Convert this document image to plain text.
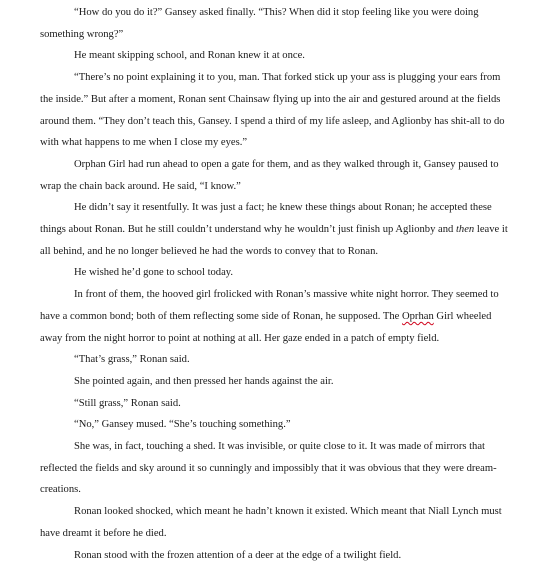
“How do you do it?” Gansey asked finally. “This? When did it stop feeling like you were doing something wrong?”

He meant skipping school, and Ronan knew it at once.

“There’s no point explaining it to you, man. That forked stick up your ass is plugging your ears from the inside.” But after a moment, Ronan sent Chainsaw flying up into the air and gestured around at the fields around them. “They don’t teach this, Gansey. I spend a third of my life asleep, and Aglionby has shit-all to do with what happens to me when I close my eyes.”

Orphan Girl had run ahead to open a gate for them, and as they walked through it, Gansey paused to wrap the chain back around. He said, “I know.”

He didn’t say it resentfully. It was just a fact; he knew these things about Ronan; he accepted these things about Ronan. But he still couldn’t understand why he wouldn’t just finish up Aglionby and then leave it all behind, and he no longer believed he had the words to convey that to Ronan.

He wished he’d gone to school today.

In front of them, the hooved girl frolicked with Ronan’s massive white night horror. They seemed to have a common bond; both of them reflecting some side of Ronan, he supposed. The Oprhan Girl wheeled away from the night horror to point at nothing at all. Her gaze ended in a patch of empty field.

“That’s grass,” Ronan said.

She pointed again, and then pressed her hands against the air.

“Still grass,” Ronan said.

“No,” Gansey mused. “She’s touching something.”

She was, in fact, touching a shed. It was invisible, or quite close to it. It was made of mirrors that reflected the fields and sky around it so cunningly and impossibly that it was obvious that they were dream-creations.

Ronan looked shocked, which meant he hadn’t known it existed. Which meant that Niall Lynch must have dreamt it before he died.

Ronan stood with the frozen attention of a deer at the edge of a twilight field.
